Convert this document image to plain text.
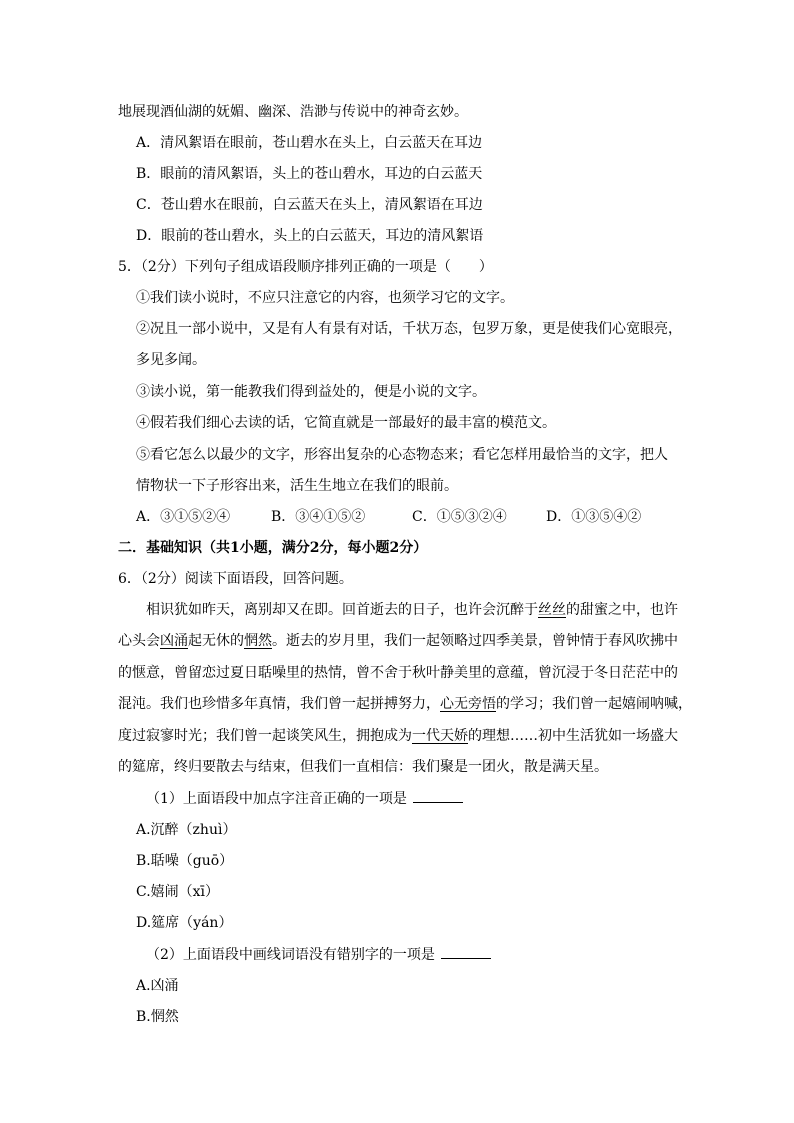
地展现酒仙湖的妩媚、幽深、浩渺与传说中的神奇玄妙。
A．清风絮语在眼前，苍山碧水在头上，白云蓝天在耳边
B．眼前的清风絮语，头上的苍山碧水，耳边的白云蓝天
C．苍山碧水在眼前，白云蓝天在头上，清风絮语在耳边
D．眼前的苍山碧水，头上的白云蓝天，耳边的清风絮语
5．（2分）下列句子组成语段顺序排列正确的一项是（　　）
①我们读小说时，不应只注意它的内容，也须学习它的文字。
②况且一部小说中，又是有人有景有对话，千状万态，包罗万象，更是使我们心宽眼亮，
多见多闻。
③读小说，第一能教我们得到益处的，便是小说的文字。
④假若我们细心去读的话，它简直就是一部最好的最丰富的模范文。
⑤看它怎么以最少的文字，形容出复杂的心态物态来；看它怎样用最恰当的文字，把人
情物状一下子形容出来，活生生地立在我们的眼前。
A．③①⑤②④	B．③④①⑤②	C．①⑤③②④	D．①③⑤④②
二．基础知识（共1小题，满分2分，每小题2分）
6．（2分）阅读下面语段，回答问题。
相识犹如昨天，离别却又在即。回首逝去的日子，也许会沉醉于丝丝的甜蜜之中，也许
心头会凶涌起无休的惘然。逝去的岁月里，我们一起领略过四季美景，曾钟情于春风吹拂中
的惬意，曾留恋过夏日聒噪里的热情，曾不舍于秋叶静美里的意蕴，曾沉浸于冬日茫茫中的
混沌。我们也珍惜多年真情，我们曾一起拼搏努力，心无旁悟的学习；我们曾一起嬉闹呐喊，
度过寂寥时光；我们曾一起谈笑风生，拥抱成为一代天娇的理想……初中生活犹如一场盛大
的筵席，终归要散去与结束，但我们一直相信：我们聚是一团火，散是满天星。
（1）上面语段中加点字注音正确的一项是
A.沉醉（zhuì）
B.聒噪（guō）
C.嬉闹（xī）
D.筵席（yán）
（2）上面语段中画线词语没有错别字的一项是
A.凶涌
B.惘然
